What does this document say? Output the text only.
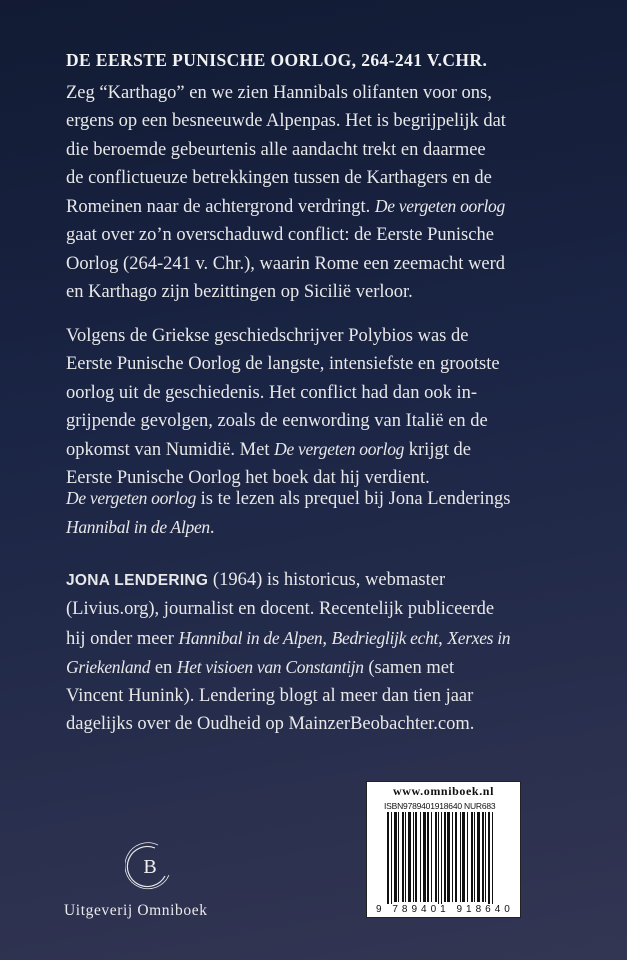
DE EERSTE PUNISCHE OORLOG, 264-241 V.CHR.
Zeg “Karthago” en we zien Hannibals olifanten voor ons,
ergens op een besneeuwde Alpenpas. Het is begrijpelijk dat
die beroemde gebeurtenis alle aandacht trekt en daarmee
de conflictueuze betrekkingen tussen de Karthagers en de
Romeinen naar de achtergrond verdringt. De vergeten oorlog
gaat over zo’n overschaduwd conflict: de Eerste Punische
Oorlog (264-241 v. Chr.), waarin Rome een zeemacht werd
en Karthago zijn bezittingen op Sicilië verloor.
Volgens de Griekse geschiedschrijver Polybios was de
Eerste Punische Oorlog de langste, intensiefste en grootste
oorlog uit de geschiedenis. Het conflict had dan ook in-
grijpende gevolgen, zoals de eenwording van Italië en de
opkomst van Numidië. Met De vergeten oorlog krijgt de
Eerste Punische Oorlog het boek dat hij verdient.
De vergeten oorlog is te lezen als prequel bij Jona Lenderings
Hannibal in de Alpen.
JONA LENDERING (1964) is historicus, webmaster
(Livius.org), journalist en docent. Recentelijk publiceerde
hij onder meer Hannibal in de Alpen, Bedrieglijk echt, Xerxes in
Griekenland en Het visioen van Constantijn (samen met
Vincent Hunink). Lendering blogt al meer dan tien jaar
dagelijks over de Oudheid op MainzerBeobachter.com.
www.omniboek.nl
ISBN9789401918640 NUR683
9 789401 918640
B
Uitgeverij Omniboek
